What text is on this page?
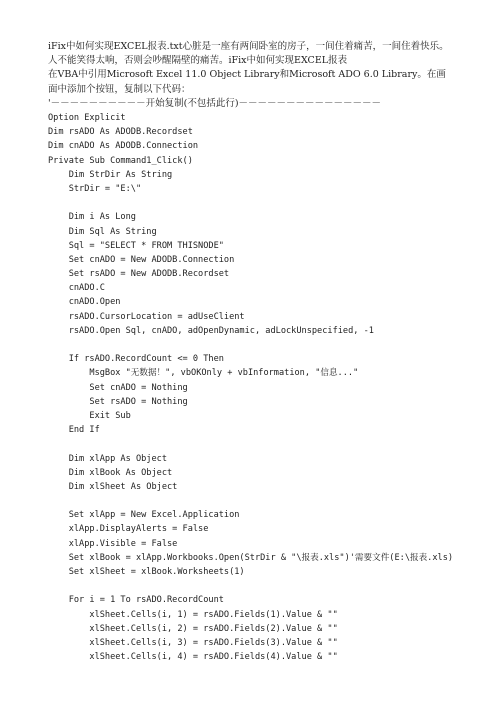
iFix中如何实现EXCEL报表.txt心脏是一座有两间卧室的房子，一间住着痛苦，一间住着快乐。人不能笑得太响，否则会吵醒隔壁的痛苦。iFix中如何实现EXCEL报表

在VBA中引用Microsoft Excel 11.0 Object Library和Microsoft ADO 6.0 Library。在画面中添加个按钮，复制以下代码：

'－－－－－－－－－－开始复制(不包括此行)－－－－－－－－－－－－－－－

Option Explicit
Dim rsADO As ADODB.Recordset
Dim cnADO As ADODB.Connection
Private Sub Command1_Click()
Dim StrDir As String
StrDir = "E:\"
Dim i As Long
Dim Sql As String
Sql = "SELECT * FROM THISNODE"
Set cnADO = New ADODB.Connection
Set rsADO = New ADODB.Recordset
cnADO.C
cnADO.Open
rsADO.CursorLocation = adUseClient
rsADO.Open Sql, cnADO, adOpenDynamic, adLockUnspecified, -1
If rsADO.RecordCount <= 0 Then
MsgBox "无数据！", vbOKOnly + vbInformation, "信息..."
Set cnADO = Nothing
Set rsADO = Nothing
Exit Sub
End If
Dim xlApp As Object
Dim xlBook As Object
Dim xlSheet As Object
Set xlApp = New Excel.Application
xlApp.DisplayAlerts = False
xlApp.Visible = False
Set xlBook = xlApp.Workbooks.Open(StrDir & "\报表.xls")'需要文件(E:\报表.xls)
Set xlSheet = xlBook.Worksheets(1)
For i = 1 To rsADO.RecordCount
xlSheet.Cells(i, 1) = rsADO.Fields(1).Value & ""
xlSheet.Cells(i, 2) = rsADO.Fields(2).Value & ""
xlSheet.Cells(i, 3) = rsADO.Fields(3).Value & ""
xlSheet.Cells(i, 4) = rsADO.Fields(4).Value & ""
